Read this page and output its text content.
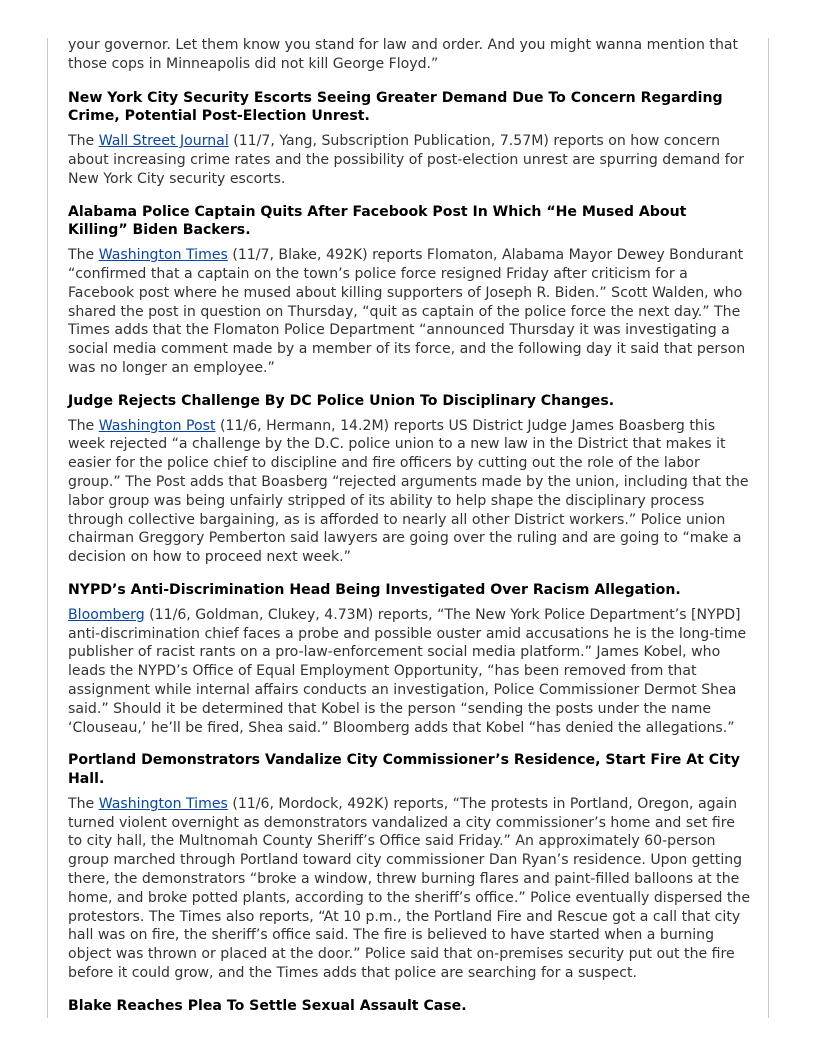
your governor. Let them know you stand for law and order. And you might wanna mention that those cops in Minneapolis did not kill George Floyd.”

New York City Security Escorts Seeing Greater Demand Due To Concern Regarding Crime, Potential Post-Election Unrest.

The Wall Street Journal (11/7, Yang, Subscription Publication, 7.57M) reports on how concern about increasing crime rates and the possibility of post-election unrest are spurring demand for New York City security escorts.

Alabama Police Captain Quits After Facebook Post In Which “He Mused About Killing” Biden Backers.

The Washington Times (11/7, Blake, 492K) reports Flomaton, Alabama Mayor Dewey Bondurant “confirmed that a captain on the town’s police force resigned Friday after criticism for a Facebook post where he mused about killing supporters of Joseph R. Biden.” Scott Walden, who shared the post in question on Thursday, “quit as captain of the police force the next day.” The Times adds that the Flomaton Police Department “announced Thursday it was investigating a social media comment made by a member of its force, and the following day it said that person was no longer an employee.”

Judge Rejects Challenge By DC Police Union To Disciplinary Changes.

The Washington Post (11/6, Hermann, 14.2M) reports US District Judge James Boasberg this week rejected “a challenge by the D.C. police union to a new law in the District that makes it easier for the police chief to discipline and fire officers by cutting out the role of the labor group.” The Post adds that Boasberg “rejected arguments made by the union, including that the labor group was being unfairly stripped of its ability to help shape the disciplinary process through collective bargaining, as is afforded to nearly all other District workers.” Police union chairman Greggory Pemberton said lawyers are going over the ruling and are going to “make a decision on how to proceed next week.”

NYPD’s Anti-Discrimination Head Being Investigated Over Racism Allegation.

Bloomberg (11/6, Goldman, Clukey, 4.73M) reports, “The New York Police Department’s [NYPD] anti-discrimination chief faces a probe and possible ouster amid accusations he is the long-time publisher of racist rants on a pro-law-enforcement social media platform.” James Kobel, who leads the NYPD’s Office of Equal Employment Opportunity, “has been removed from that assignment while internal affairs conducts an investigation, Police Commissioner Dermot Shea said.” Should it be determined that Kobel is the person “sending the posts under the name ‘Clouseau,’ he’ll be fired, Shea said.” Bloomberg adds that Kobel “has denied the allegations.”

Portland Demonstrators Vandalize City Commissioner’s Residence, Start Fire At City Hall.

The Washington Times (11/6, Mordock, 492K) reports, “The protests in Portland, Oregon, again turned violent overnight as demonstrators vandalized a city commissioner’s home and set fire to city hall, the Multnomah County Sheriff’s Office said Friday.” An approximately 60-person group marched through Portland toward city commissioner Dan Ryan’s residence. Upon getting there, the demonstrators “broke a window, threw burning flares and paint-filled balloons at the home, and broke potted plants, according to the sheriff’s office.” Police eventually dispersed the protestors. The Times also reports, “At 10 p.m., the Portland Fire and Rescue got a call that city hall was on fire, the sheriff’s office said. The fire is believed to have started when a burning object was thrown or placed at the door.” Police said that on-premises security put out the fire before it could grow, and the Times adds that police are searching for a suspect.

Blake Reaches Plea To Settle Sexual Assault Case.
